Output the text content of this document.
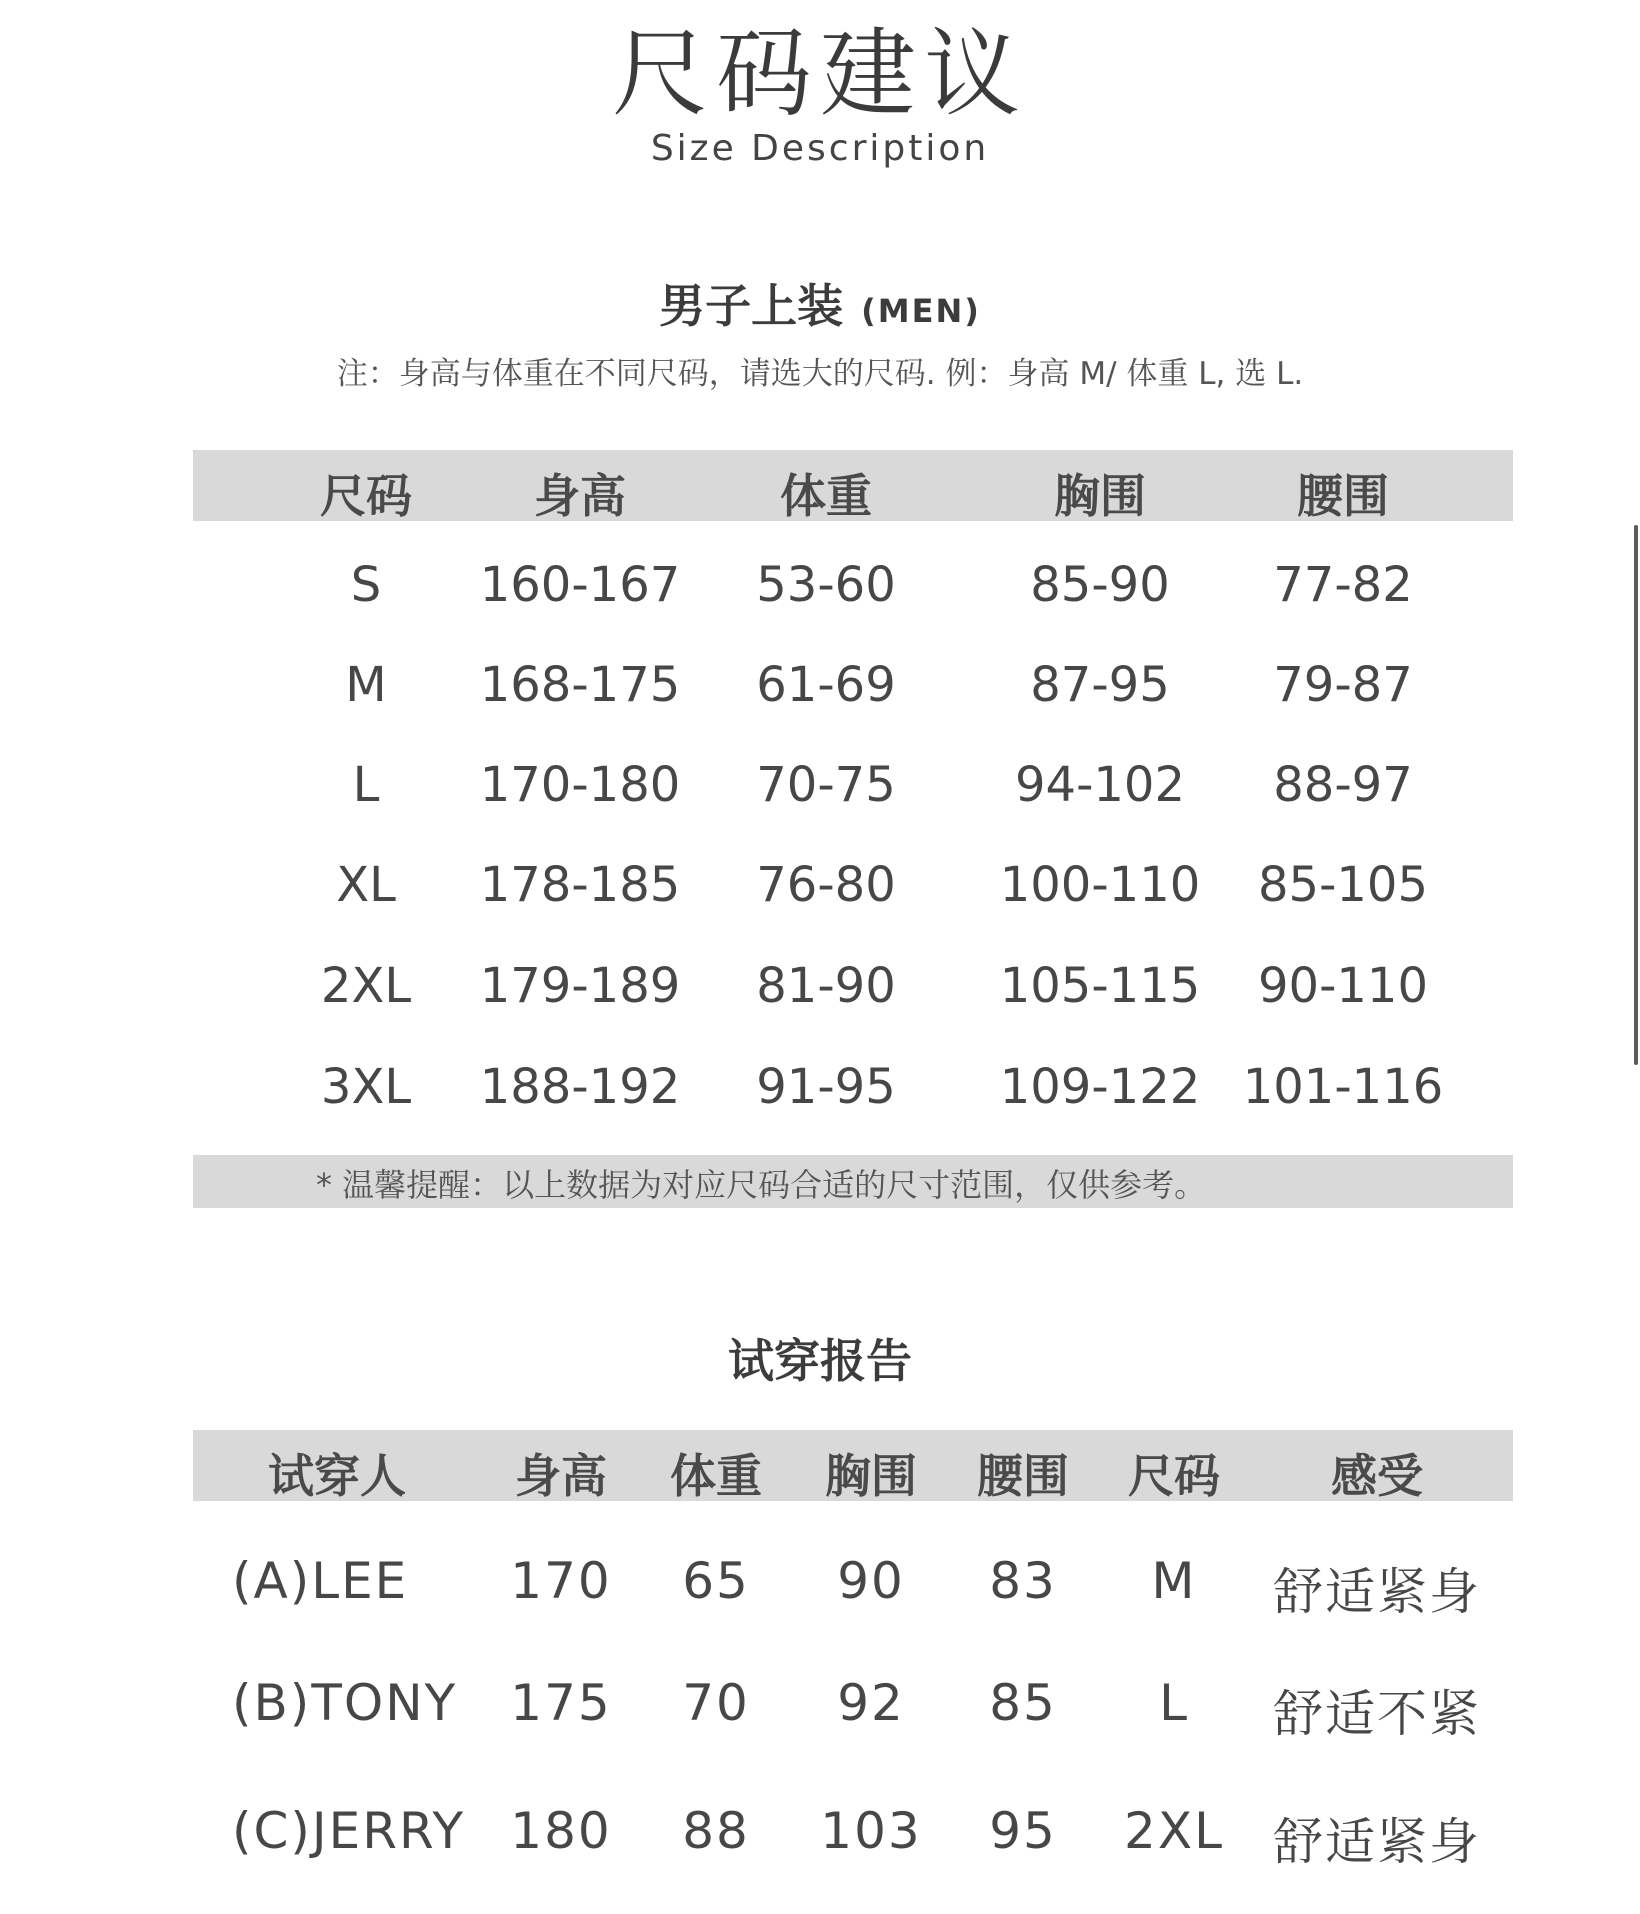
尺码建议
Size Description
男子上装 (MEN)
注：身高与体重在不同尺码，请选大的尺码. 例：身高 M/ 体重 L, 选 L.
尺码	身高	体重	胸围	腰围
S 160-167 53-60	85-90 77-82
M 168-175 61-69	87-95 79-87
L 170-180 70-75 94-102 88-97
XL 178-185 76-80 100-110 85-105
2XL 179-189 81-90 105-115 90-110
3XL 188-192 91-95 109-122 101-116
* 温馨提醒：以上数据为对应尺码合适的尺寸范围，仅供参考。
试穿报告
试穿人 身高 体重 胸围 腰围 尺码 感受
(A)LEE 170 65 90 83 M 舒适紧身
(B)TONY 175 70 92 85 L 舒适不紧
(C)JERRY 180 88 103 95 2XL 舒适紧身
